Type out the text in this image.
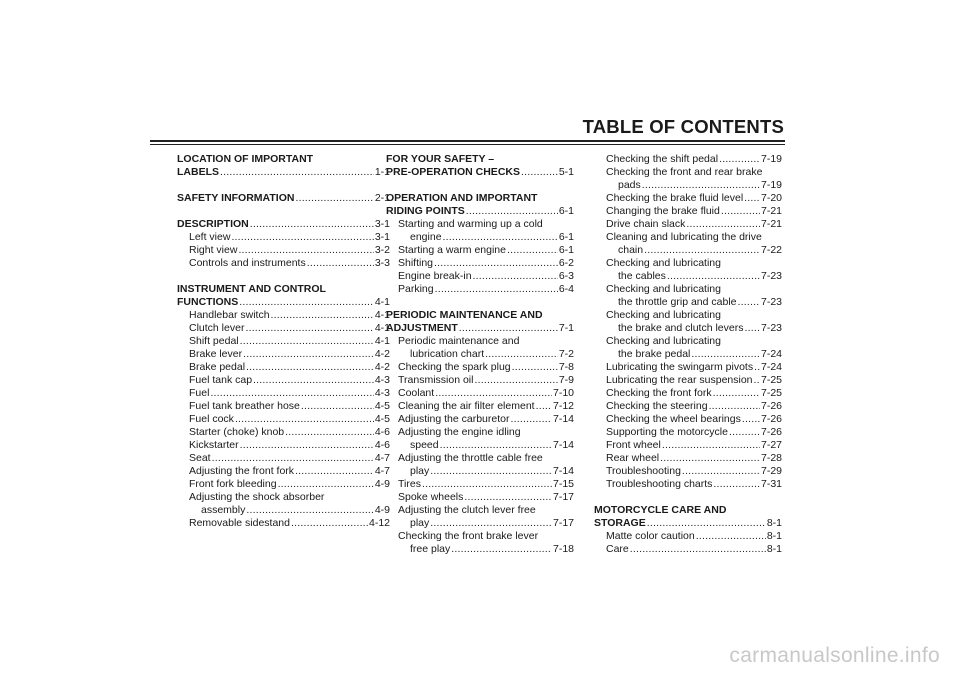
TABLE OF CONTENTS
LOCATION OF IMPORTANT
LABELS .....	1-1
SAFETY INFORMATION .....	2-1
DESCRIPTION .....	3-1
Left view .....	3-1
Right view .....	3-2
Controls and instruments .....	3-3
INSTRUMENT AND CONTROL
FUNCTIONS .....	4-1
Handlebar switch .....	4-1
Clutch lever .....	4-1
Shift pedal .....	4-1
Brake lever .....	4-2
Brake pedal .....	4-2
Fuel tank cap .....	4-3
Fuel .....	4-3
Fuel tank breather hose .....	4-5
Fuel cock .....	4-5
Starter (choke) knob .....	4-6
Kickstarter .....	4-6
Seat .....	4-7
Adjusting the front fork .....	4-7
Front fork bleeding .....	4-9
Adjusting the shock absorber
assembly .....	4-9
Removable sidestand .....	4-12
FOR YOUR SAFETY –
PRE-OPERATION CHECKS .....	5-1
OPERATION AND IMPORTANT
RIDING POINTS .....	6-1
Starting and warming up a cold
engine .....	6-1
Starting a warm engine .....	6-1
Shifting .....	6-2
Engine break-in .....	6-3
Parking .....	6-4
PERIODIC MAINTENANCE AND
ADJUSTMENT .....	7-1
Periodic maintenance and
lubrication chart .....	7-2
Checking the spark plug .....	7-8
Transmission oil .....	7-9
Coolant .....	7-10
Cleaning the air filter element ..... 7-12
Adjusting the carburetor .....	7-14
Adjusting the engine idling
speed .....	7-14
Adjusting the throttle cable free
play .....	7-14
Tires .....	7-15
Spoke wheels .....	7-17
Adjusting the clutch lever free
play .....	7-17
Checking the front brake lever
free play .....	7-18
Checking the shift pedal .....	7-19
Checking the front and rear brake
pads .....	7-19
Checking the brake fluid level ..... 7-20
Changing the brake fluid .....	7-21
Drive chain slack .....	7-21
Cleaning and lubricating the drive
chain .....	7-22
Checking and lubricating
the cables .....	7-23
Checking and lubricating
the throttle grip and cable ..... 7-23
Checking and lubricating
the brake and clutch levers ..... 7-23
Checking and lubricating
the brake pedal .....	7-24
Lubricating the swingarm pivots ..... 7-24
Lubricating the rear suspension ..... 7-25
Checking the front fork .....	7-25
Checking the steering .....	7-26
Checking the wheel bearings ..... 7-26
Supporting the motorcycle .....	7-26
Front wheel .....	7-27
Rear wheel .....	7-28
Troubleshooting .....	7-29
Troubleshooting charts .....	7-31
MOTORCYCLE CARE AND
STORAGE .....	8-1
Matte color caution .....	8-1
Care .....	8-1
carmanualsonline.info
